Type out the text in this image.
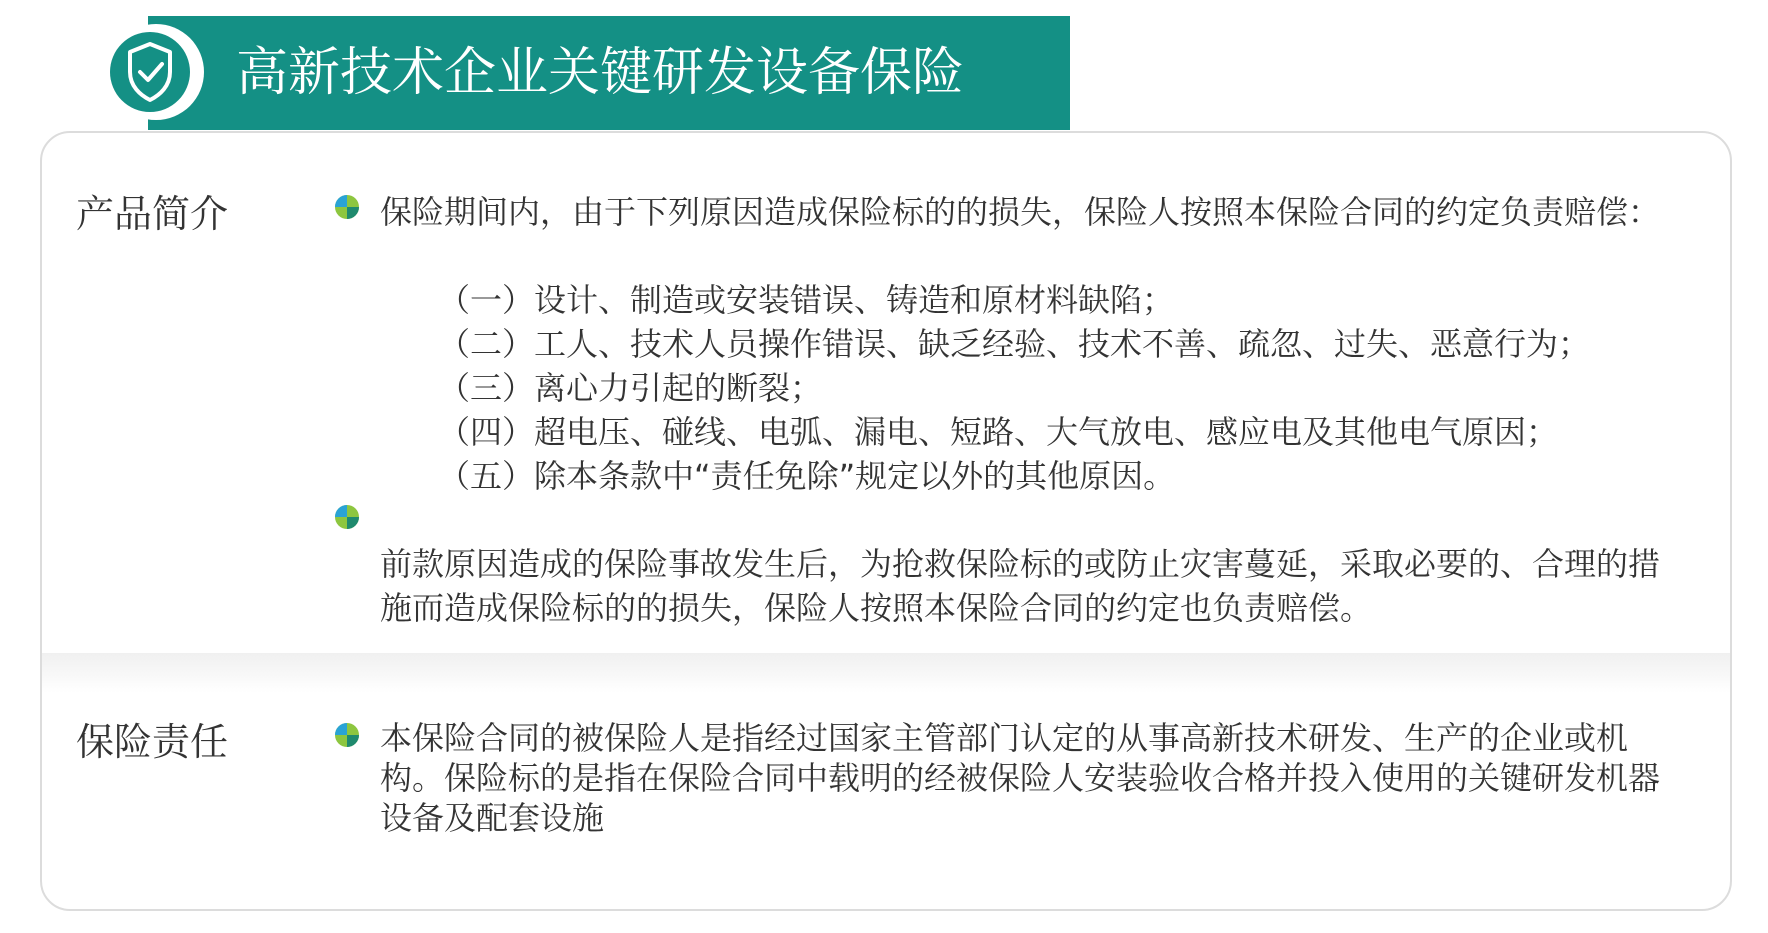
高新技术企业关键研发设备保险
产品简介	保险期间内，由于下列原因造成保险标的的损失，保险人按照本保险合同的约定负责赔偿：
（一）设计、制造或安装错误、铸造和原材料缺陷；
（二）工人、技术人员操作错误、缺乏经验、技术不善、疏忽、过失、恶意行为；
（三）离心力引起的断裂；
（四）超电压、碰线、电弧、漏电、短路、大气放电、感应电及其他电气原因；
（五）除本条款中“责任免除”规定以外的其他原因。
前款原因造成的保险事故发生后，为抢救保险标的或防止灾害蔓延，采取必要的、合理的措施而造成保险标的的损失，保险人按照本保险合同的约定也负责赔偿。
保险责任	本保险合同的被保险人是指经过国家主管部门认定的从事高新技术研发、生产的企业或机构。保险标的是指在保险合同中载明的经被保险人安装验收合格并投入使用的关键研发机器设备及配套设施
